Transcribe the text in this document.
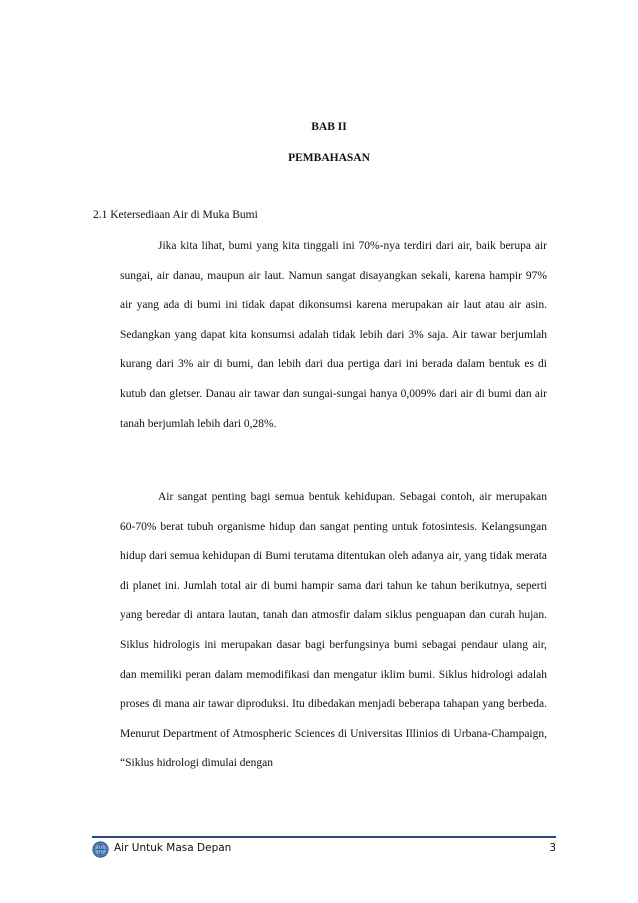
BAB II
PEMBAHASAN
2.1 Ketersediaan Air di Muka Bumi

Jika kita lihat, bumi yang kita tinggali ini 70%-nya terdiri dari air, baik berupa air sungai, air danau, maupun air laut. Namun sangat disayangkan sekali, karena hampir 97% air yang ada di bumi ini tidak dapat dikonsumsi karena merupakan air laut atau air asin. Sedangkan yang dapat kita konsumsi adalah tidak lebih dari 3% saja. Air tawar berjumlah kurang dari 3% air di bumi, dan lebih dari dua pertiga dari ini berada dalam bentuk es di kutub dan gletser. Danau air tawar dan sungai-sungai hanya 0,009% dari air di bumi dan air tanah berjumlah lebih dari 0,28%.

Air sangat penting bagi semua bentuk kehidupan. Sebagai contoh, air merupakan 60-70% berat tubuh organisme hidup dan sangat penting untuk fotosintesis. Kelangsungan hidup dari semua kehidupan di Bumi terutama ditentukan oleh adanya air, yang tidak merata di planet ini. Jumlah total air di bumi hampir sama dari tahun ke tahun berikutnya, seperti yang beredar di antara lautan, tanah dan atmosfir dalam siklus penguapan dan curah hujan. Siklus hidrologis ini merupakan dasar bagi berfungsinya bumi sebagai pendaur ulang air, dan memiliki peran dalam memodifikasi dan mengatur iklim bumi. Siklus hidrologi adalah proses di mana air tawar diproduksi. Itu dibedakan menjadi beberapa tahapan yang berbeda. Menurut Department of Atmospheric Sciences di Universitas Illinios di Urbana-Champaign, “Siklus hidrologi dimulai dengan

Air Untuk Masa Depan	3
